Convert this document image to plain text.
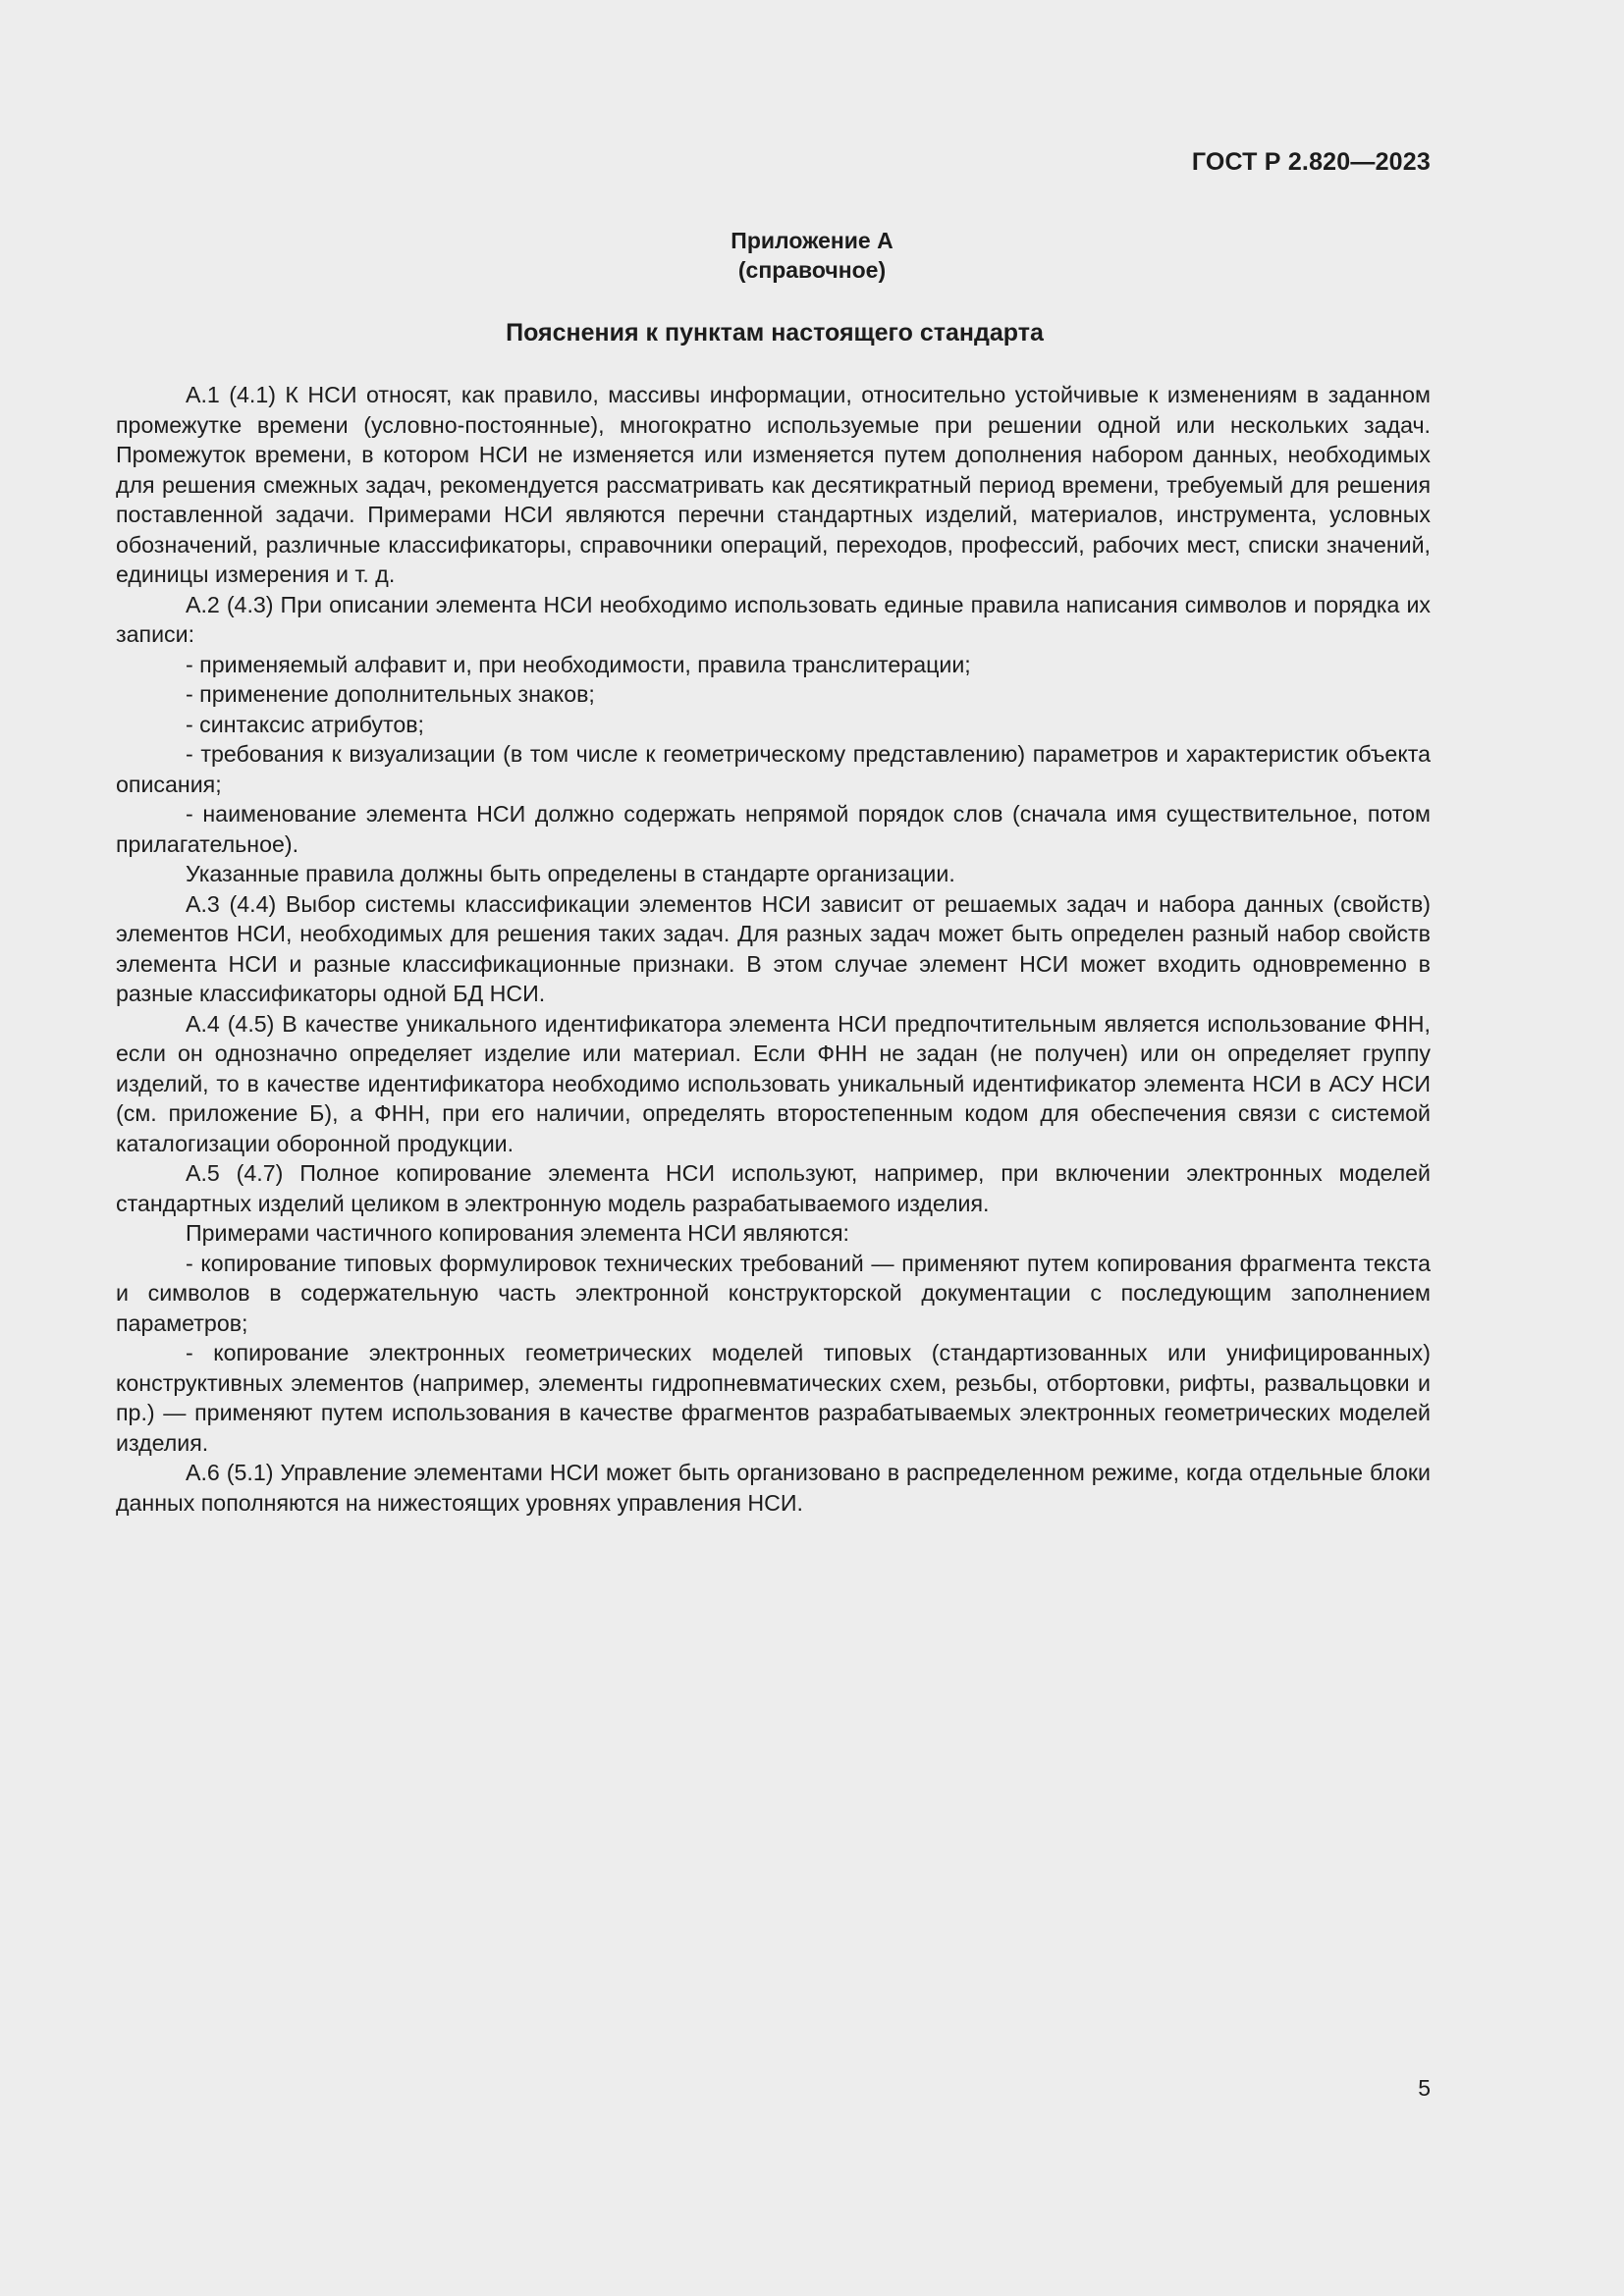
ГОСТ Р 2.820—2023
Приложение А
(справочное)
Пояснения к пунктам настоящего стандарта

А.1 (4.1) К НСИ относят, как правило, массивы информации, относительно устойчивые к изменениям в заданном промежутке времени (условно-постоянные), многократно используемые при решении одной или нескольких задач. Промежуток времени, в котором НСИ не изменяется или изменяется путем дополнения набором данных, необходимых для решения смежных задач, рекомендуется рассматривать как десятикратный период времени, требуемый для решения поставленной задачи. Примерами НСИ являются перечни стандартных изделий, материалов, инструмента, условных обозначений, различные классификаторы, справочники операций, переходов, профессий, рабочих мест, списки значений, единицы измерения и т. д.

А.2 (4.3) При описании элемента НСИ необходимо использовать единые правила написания символов и порядка их записи:

- применяемый алфавит и, при необходимости, правила транслитерации;

- применение дополнительных знаков;

- синтаксис атрибутов;

- требования к визуализации (в том числе к геометрическому представлению) параметров и характеристик объекта описания;

- наименование элемента НСИ должно содержать непрямой порядок слов (сначала имя существительное, потом прилагательное).

Указанные правила должны быть определены в стандарте организации.

А.3 (4.4) Выбор системы классификации элементов НСИ зависит от решаемых задач и набора данных (свойств) элементов НСИ, необходимых для решения таких задач. Для разных задач может быть определен разный набор свойств элемента НСИ и разные классификационные признаки. В этом случае элемент НСИ может входить одновременно в разные классификаторы одной БД НСИ.

А.4 (4.5) В качестве уникального идентификатора элемента НСИ предпочтительным является использование ФНН, если он однозначно определяет изделие или материал. Если ФНН не задан (не получен) или он определяет группу изделий, то в качестве идентификатора необходимо использовать уникальный идентификатор элемента НСИ в АСУ НСИ (см. приложение Б), а ФНН, при его наличии, определять второстепенным кодом для обеспечения связи с системой каталогизации оборонной продукции.

А.5 (4.7) Полное копирование элемента НСИ используют, например, при включении электронных моделей стандартных изделий целиком в электронную модель разрабатываемого изделия.

Примерами частичного копирования элемента НСИ являются:

- копирование типовых формулировок технических требований — применяют путем копирования фрагмента текста и символов в содержательную часть электронной конструкторской документации с последующим заполнением параметров;

- копирование электронных геометрических моделей типовых (стандартизованных или унифицированных) конструктивных элементов (например, элементы гидропневматических схем, резьбы, отбортовки, рифты, развальцовки и пр.) — применяют путем использования в качестве фрагментов разрабатываемых электронных геометрических моделей изделия.

А.6 (5.1) Управление элементами НСИ может быть организовано в распределенном режиме, когда отдельные блоки данных пополняются на нижестоящих уровнях управления НСИ.

5
